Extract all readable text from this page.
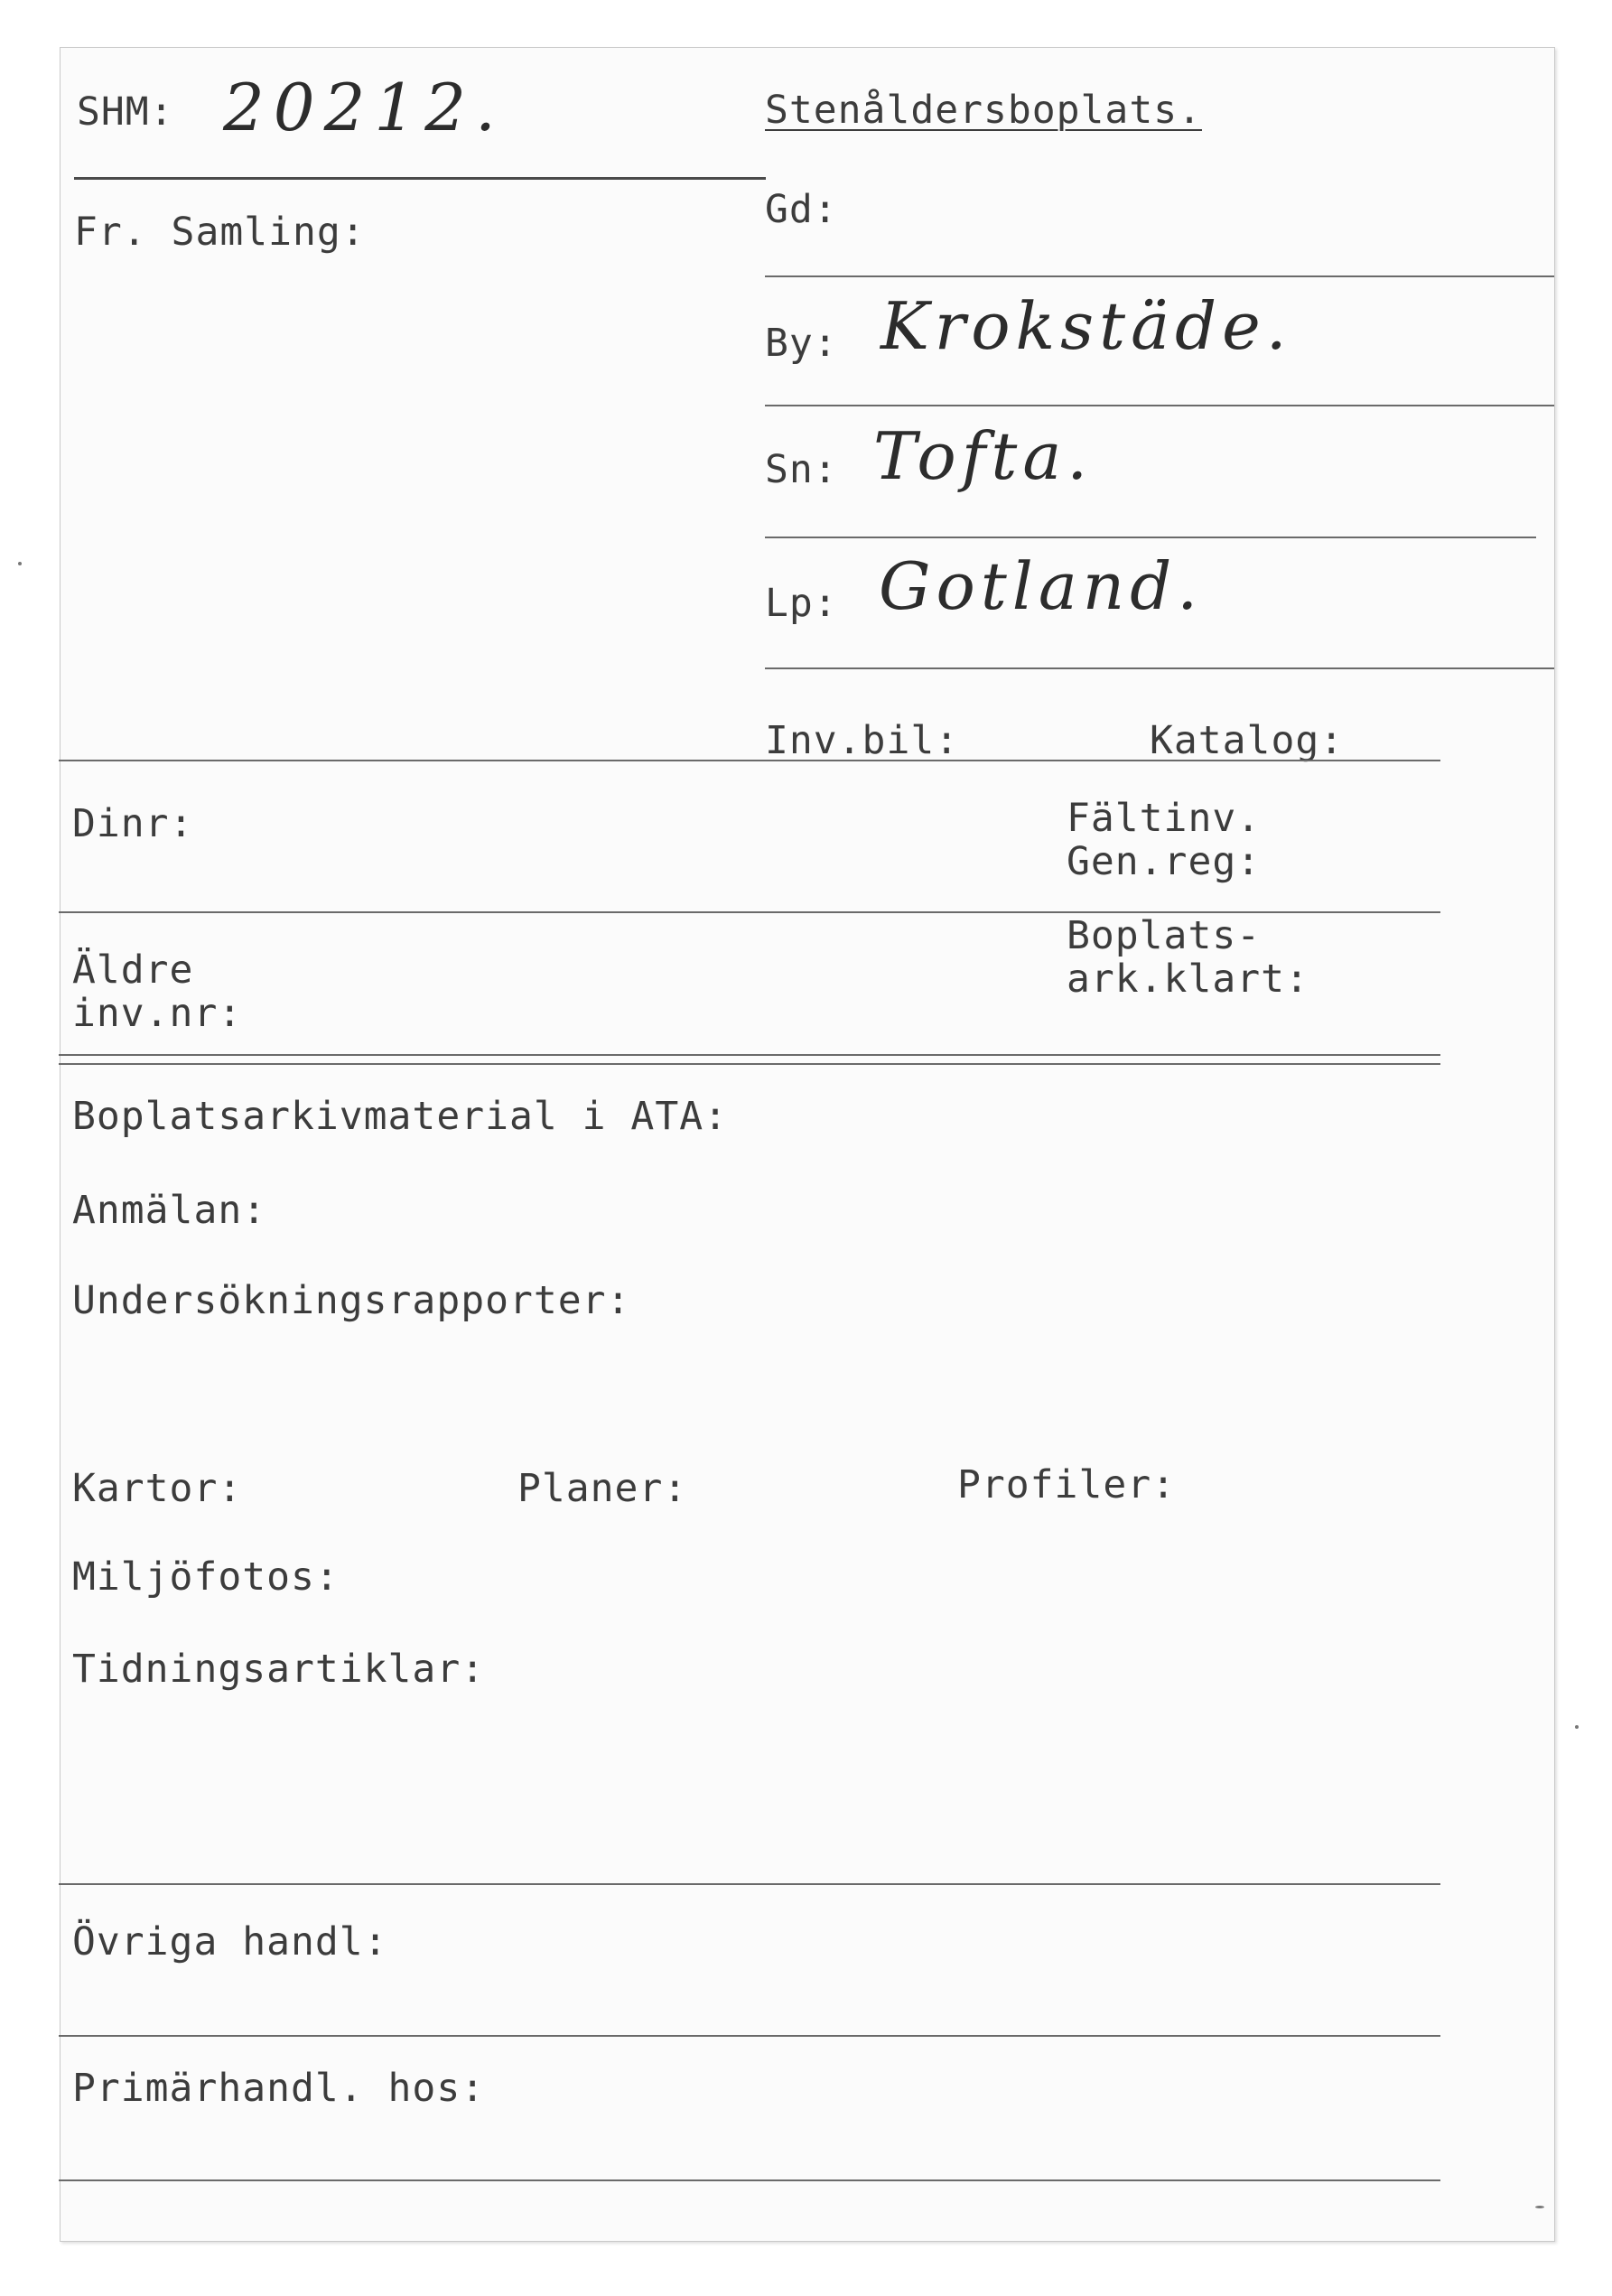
SHM: 20212.	Stenåldersboplats.
Fr. Samling:	Gd:
By: Krokstäde.
Sn: Tofta.
Lp: Gotland.
Inv.bil:	Katalog:
Dinr:	Fältinv.
Gen.reg:
Äldre
inv.nr:
Boplats-
ark.klart:
Boplatsarkivmaterial i ATA:
Anmälan:
Undersökningsrapporter:
Kartor:	Planer:	Profiler:
Miljöfotos:
Tidningsartiklar:
Övriga handl:
Primärhandl. hos:
